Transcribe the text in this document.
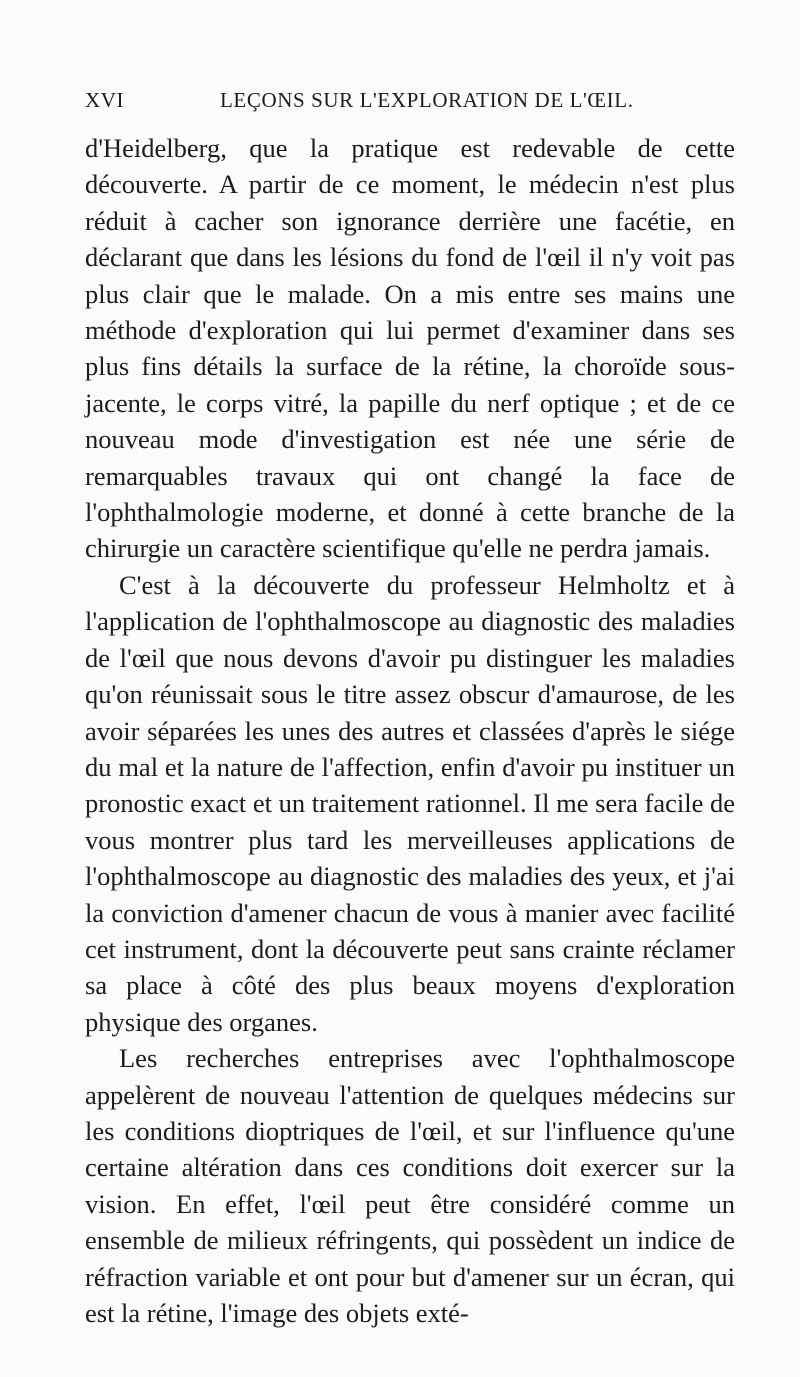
XVI	LEÇONS SUR L'EXPLORATION DE L'ŒIL.

d'Heidelberg, que la pratique est redevable de cette découverte. A partir de ce moment, le médecin n'est plus réduit à cacher son ignorance derrière une facétie, en déclarant que dans les lésions du fond de l'œil il n'y voit pas plus clair que le malade. On a mis entre ses mains une méthode d'exploration qui lui permet d'examiner dans ses plus fins détails la surface de la rétine, la choroïde sous-jacente, le corps vitré, la papille du nerf optique ; et de ce nouveau mode d'investigation est née une série de remarquables travaux qui ont changé la face de l'ophthalmologie moderne, et donné à cette branche de la chirurgie un caractère scientifique qu'elle ne perdra jamais.

C'est à la découverte du professeur Helmholtz et à l'application de l'ophthalmoscope au diagnostic des maladies de l'œil que nous devons d'avoir pu distinguer les maladies qu'on réunissait sous le titre assez obscur d'amaurose, de les avoir séparées les unes des autres et classées d'après le siége du mal et la nature de l'affection, enfin d'avoir pu instituer un pronostic exact et un traitement rationnel. Il me sera facile de vous montrer plus tard les merveilleuses applications de l'ophthalmoscope au diagnostic des maladies des yeux, et j'ai la conviction d'amener chacun de vous à manier avec facilité cet instrument, dont la découverte peut sans crainte réclamer sa place à côté des plus beaux moyens d'exploration physique des organes.

Les recherches entreprises avec l'ophthalmoscope appelèrent de nouveau l'attention de quelques médecins sur les conditions dioptriques de l'œil, et sur l'influence qu'une certaine altération dans ces conditions doit exercer sur la vision. En effet, l'œil peut être considéré comme un ensemble de milieux réfringents, qui possèdent un indice de réfraction variable et ont pour but d'amener sur un écran, qui est la rétine, l'image des objets exté-
